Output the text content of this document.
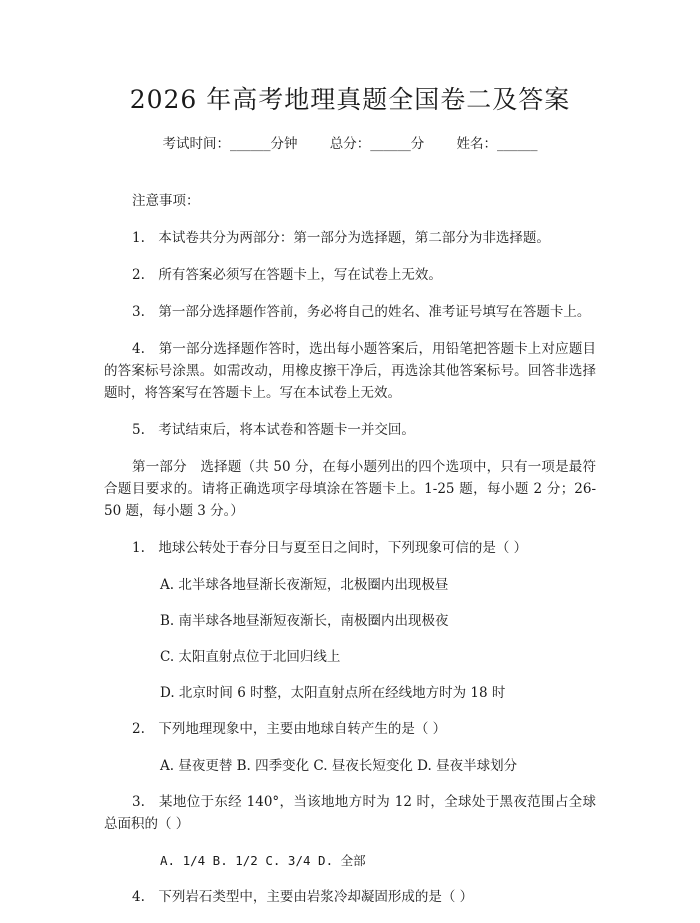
2026 年高考地理真题全国卷二及答案
考试时间：______分钟 总分：______分 姓名：______

注意事项：

1.　本试卷共分为两部分：第一部分为选择题，第二部分为非选择题。

2.　所有答案必须写在答题卡上，写在试卷上无效。

3.　第一部分选择题作答前，务必将自己的姓名、准考证号填写在答题卡上。

4.　第一部分选择题作答时，选出每小题答案后，用铅笔把答题卡上对应题目的答案标号涂黑。如需改动，用橡皮擦干净后，再选涂其他答案标号。回答非选择题时，将答案写在答题卡上。写在本试卷上无效。

5.　考试结束后，将本试卷和答题卡一并交回。

第一部分　选择题（共 50 分，在每小题列出的四个选项中，只有一项是最符合题目要求的。请将正确选项字母填涂在答题卡上。1-25 题，每小题 2 分；26-50 题，每小题 3 分。）

1.　地球公转处于春分日与夏至日之间时，下列现象可信的是（ ）

A. 北半球各地昼渐长夜渐短，北极圈内出现极昼

B. 南半球各地昼渐短夜渐长，南极圈内出现极夜

C. 太阳直射点位于北回归线上

D. 北京时间 6 时整，太阳直射点所在经线地方时为 18 时

2.　下列地理现象中，主要由地球自转产生的是（ ）

A. 昼夜更替 B. 四季变化 C. 昼夜长短变化 D. 昼夜半球划分

3.　某地位于东经 140°，当该地地方时为 12 时，全球处于黑夜范围占全球总面积的（ ）

A. 1/4 B. 1/2 C. 3/4 D. 全部

4.　下列岩石类型中，主要由岩浆冷却凝固形成的是（ ）
